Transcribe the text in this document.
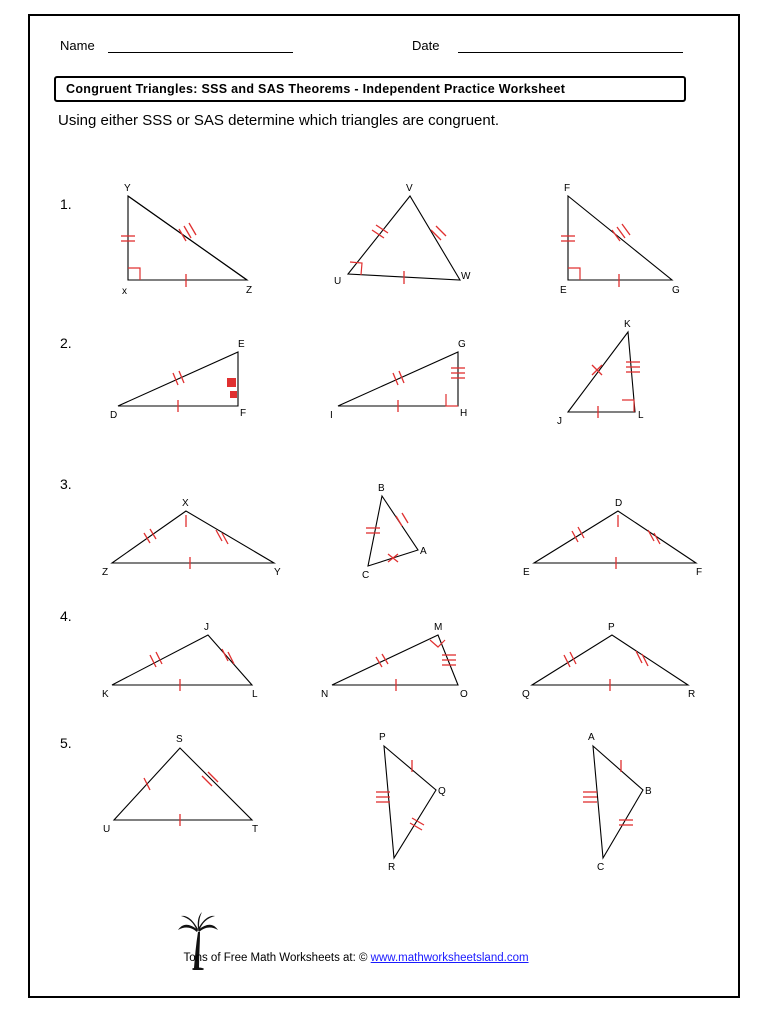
Name	Date
Congruent Triangles: SSS and SAS Theorems - Independent Practice Worksheet
Using either SSS or SAS determine which triangles are congruent.
1.
Y
x	Z
V
U	W
F
E	G
2.	E
D	F
G
I	H
K
J
L
3.
X
Z	Y
B
C
A
D
E	F
4.
J
K	L
M
N	O
P
Q	R
5.	S
U	T
P
Q
R
A
B
C
Tons of Free Math Worksheets at: © www.mathworksheetsland.com
